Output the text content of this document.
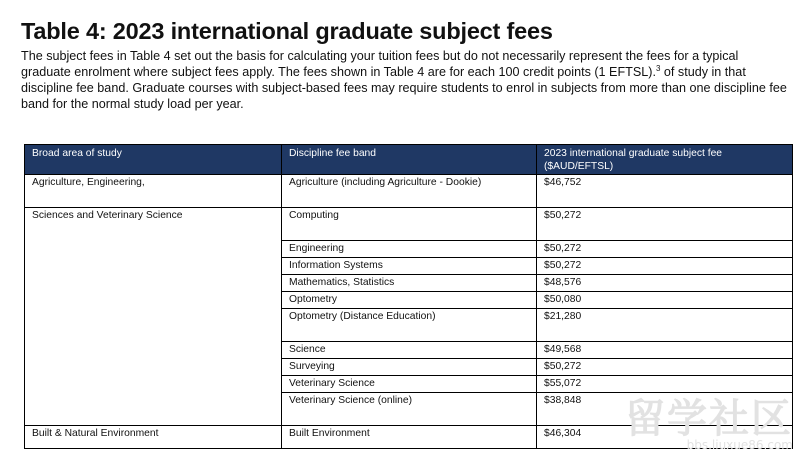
Table 4: 2023 international graduate subject fees
The subject fees in Table 4 set out the basis for calculating your tuition fees but do not necessarily represent the fees for a typical graduate enrolment where subject fees apply. The fees shown in Table 4 are for each 100 credit points (1 EFTSL).$^3$ of study in that discipline fee band. Graduate courses with subject-based fees may require students to enrol in subjects from more than one discipline fee band for the normal study load per year.
Broad area of study	Discipline fee band	2023 international graduate subject fee ($AUD/EFTSL)
Agriculture, Engineering,	Agriculture (including Agriculture - Dookie)	$46,752
Sciences and Veterinary Science	Computing	$50,272
	Engineering	$50,272
	Information Systems	$50,272
	Mathematics, Statistics	$48,576
	Optometry	$50,080
	Optometry (Distance Education)	$21,280
	Science	$49,568
	Surveying	$50,272
	Veterinary Science	$55,072
	Veterinary Science (online)	$38,848
Built & Natural Environment	Built Environment	$46,304 留学社区
bbs.liuxue86.com
